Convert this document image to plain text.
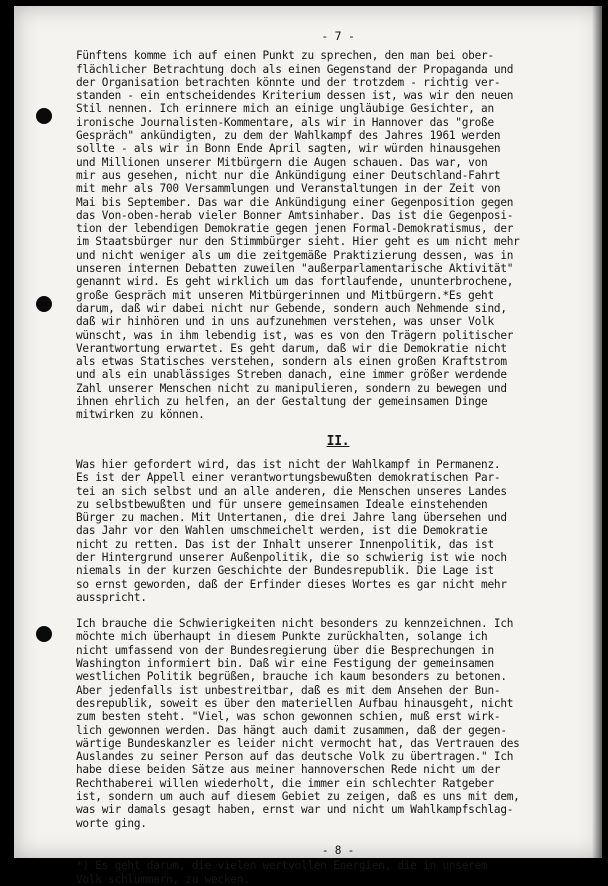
- 7 -
Fünftens komme ich auf einen Punkt zu sprechen, den man bei ober-
flächlicher Betrachtung doch als einen Gegenstand der Propaganda und
der Organisation betrachten könnte und der trotzdem - richtig ver-
standen - ein entscheidendes Kriterium dessen ist, was wir den neuen
Stil nennen. Ich erinnere mich an einige ungläubige Gesichter, an
ironische Journalisten-Kommentare, als wir in Hannover das "große
Gespräch" ankündigten, zu dem der Wahlkampf des Jahres 1961 werden
sollte - als wir in Bonn Ende April sagten, wir würden hinausgehen
und Millionen unserer Mitbürgern die Augen schauen. Das war, von
mir aus gesehen, nicht nur die Ankündigung einer Deutschland-Fahrt
mit mehr als 700 Versammlungen und Veranstaltungen in der Zeit von
Mai bis September. Das war die Ankündigung einer Gegenposition gegen
das Von-oben-herab vieler Bonner Amtsinhaber. Das ist die Gegenposi-
tion der lebendigen Demokratie gegen jenen Formal-Demokratismus, der
im Staatsbürger nur den Stimmbürger sieht. Hier geht es um nicht mehr
und nicht weniger als um die zeitgemäße Praktizierung dessen, was in
unseren internen Debatten zuweilen "außerparlamentarische Aktivität"
genannt wird. Es geht wirklich um das fortlaufende, ununterbrochene,
große Gespräch mit unseren Mitbürgerinnen und Mitbürgern.*Es geht
darum, daß wir dabei nicht nur Gebende, sondern auch Nehmende sind,
daß wir hinhören und in uns aufzunehmen verstehen, was unser Volk
wünscht, was in ihm lebendig ist, was es von den Trägern politischer
Verantwortung erwartet. Es geht darum, daß wir die Demokratie nicht
als etwas Statisches verstehen, sondern als einen großen Kraftstrom
und als ein unablässiges Streben danach, eine immer größer werdende
Zahl unserer Menschen nicht zu manipulieren, sondern zu bewegen und
ihnen ehrlich zu helfen, an der Gestaltung der gemeinsamen Dinge
mitwirken zu können.
II.
Was hier gefordert wird, das ist nicht der Wahlkampf in Permanenz.
Es ist der Appell einer verantwortungsbewußten demokratischen Par-
tei an sich selbst und an alle anderen, die Menschen unseres Landes
zu selbstbewußten und für unsere gemeinsamen Ideale einstehenden
Bürger zu machen. Mit Untertanen, die drei Jahre lang übersehen und
das Jahr vor den Wahlen umschmeichelt werden, ist die Demokratie
nicht zu retten. Das ist der Inhalt unserer Innenpolitik, das ist
der Hintergrund unserer Außenpolitik, die so schwierig ist wie noch
niemals in der kurzen Geschichte der Bundesrepublik. Die Lage ist
so ernst geworden, daß der Erfinder dieses Wortes es gar nicht mehr
ausspricht.
Ich brauche die Schwierigkeiten nicht besonders zu kennzeichnen. Ich
möchte mich überhaupt in diesem Punkte zurückhalten, solange ich
nicht umfassend von der Bundesregierung über die Besprechungen in
Washington informiert bin. Daß wir eine Festigung der gemeinsamen
westlichen Politik begrüßen, brauche ich kaum besonders zu betonen.
Aber jedenfalls ist unbestreitbar, daß es mit dem Ansehen der Bun-
desrepublik, soweit es über den materiellen Aufbau hinausgeht, nicht
zum besten steht. "Viel, was schon gewonnen schien, muß erst wirk-
lich gewonnen werden. Das hängt auch damit zusammen, daß der gegen-
wärtige Bundeskanzler es leider nicht vermocht hat, das Vertrauen des
Auslandes zu seiner Person auf das deutsche Volk zu übertragen." Ich
habe diese beiden Sätze aus meiner hannoverschen Rede nicht um der
Rechthaberei willen wiederholt, die immer ein schlechter Ratgeber
ist, sondern um auch auf diesem Gebiet zu zeigen, daß es uns mit dem,
was wir damals gesagt haben, ernst war und nicht um Wahlkampfschlag-
worte ging.
- 8 -
*) Es geht darum, die vielen wertvollen Energien, die in unserem
Volk schlummern, zu wecken.
